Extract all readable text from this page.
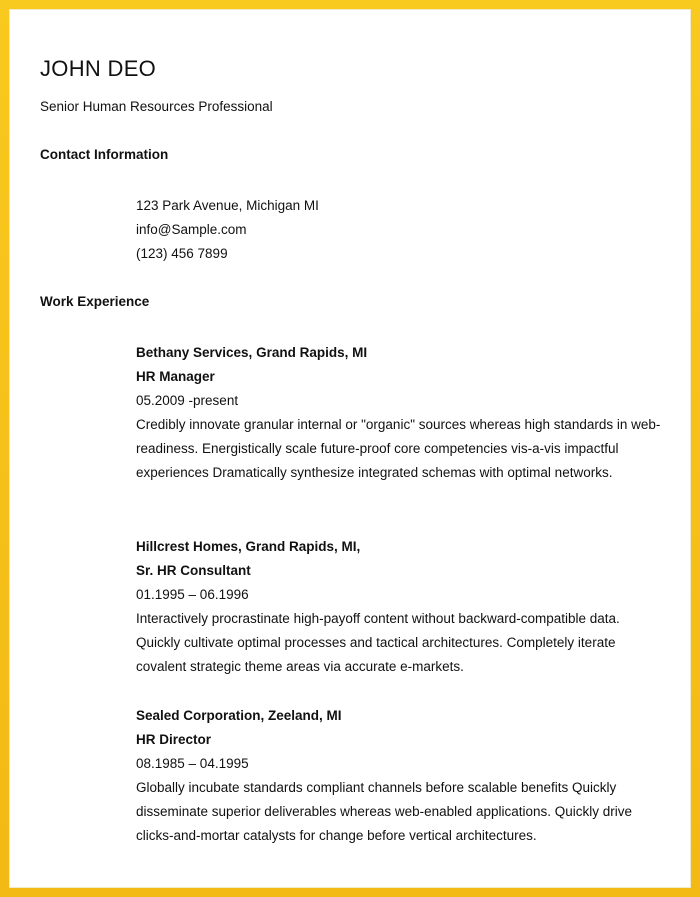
JOHN DEO

Senior Human Resources Professional

Contact Information

123 Park Avenue, Michigan MI
info@Sample.com
(123) 456 7899

Work Experience

Bethany Services, Grand Rapids, MI
HR Manager
05.2009 -present
Credibly innovate granular internal or "organic" sources whereas high standards in web-readiness. Energistically scale future-proof core competencies vis-a-vis impactful experiences Dramatically synthesize integrated schemas with optimal networks.
Hillcrest Homes, Grand Rapids, MI,
Sr. HR Consultant
01.1995 – 06.1996
Interactively procrastinate high-payoff content without backward-compatible data. Quickly cultivate optimal processes and tactical architectures. Completely iterate covalent strategic theme areas via accurate e-markets.
Sealed Corporation, Zeeland, MI
HR Director
08.1985 – 04.1995
Globally incubate standards compliant channels before scalable benefits Quickly disseminate superior deliverables whereas web-enabled applications. Quickly drive clicks-and-mortar catalysts for change before vertical architectures.
